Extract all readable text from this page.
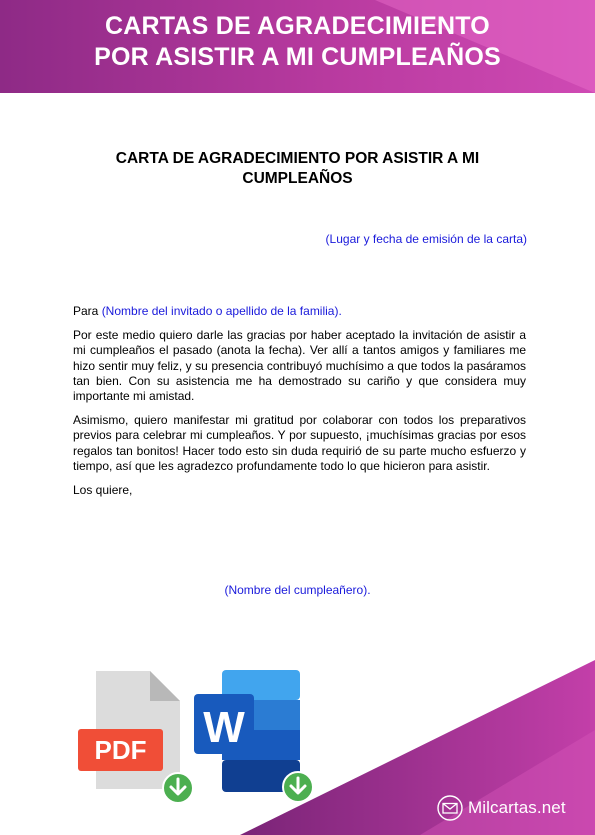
CARTAS DE AGRADECIMIENTO
POR ASISTIR A MI CUMPLEAÑOS
CARTA DE AGRADECIMIENTO POR ASISTIR A MI
CUMPLEAÑOS
(Lugar y fecha de emisión de la carta)

Para (Nombre del invitado o apellido de la familia).

Por este medio quiero darle las gracias por haber aceptado la invitación de asistir a mi cumpleaños el pasado (anota la fecha). Ver allí a tantos amigos y familiares me hizo sentir muy feliz, y su presencia contribuyó muchísimo a que todos la pasáramos tan bien. Con su asistencia me ha demostrado su cariño y que considera muy importante mi amistad.

Asimismo, quiero manifestar mi gratitud por colaborar con todos los preparativos previos para celebrar mi cumpleaños. Y por supuesto, ¡muchísimas gracias por esos regalos tan bonitos! Hacer todo esto sin duda requirió de su parte mucho esfuerzo y tiempo, así que les agradezco profundamente todo lo que hicieron para asistir.

Los quiere,

(Nombre del cumpleañero).
PDF W
Milcartas.net
